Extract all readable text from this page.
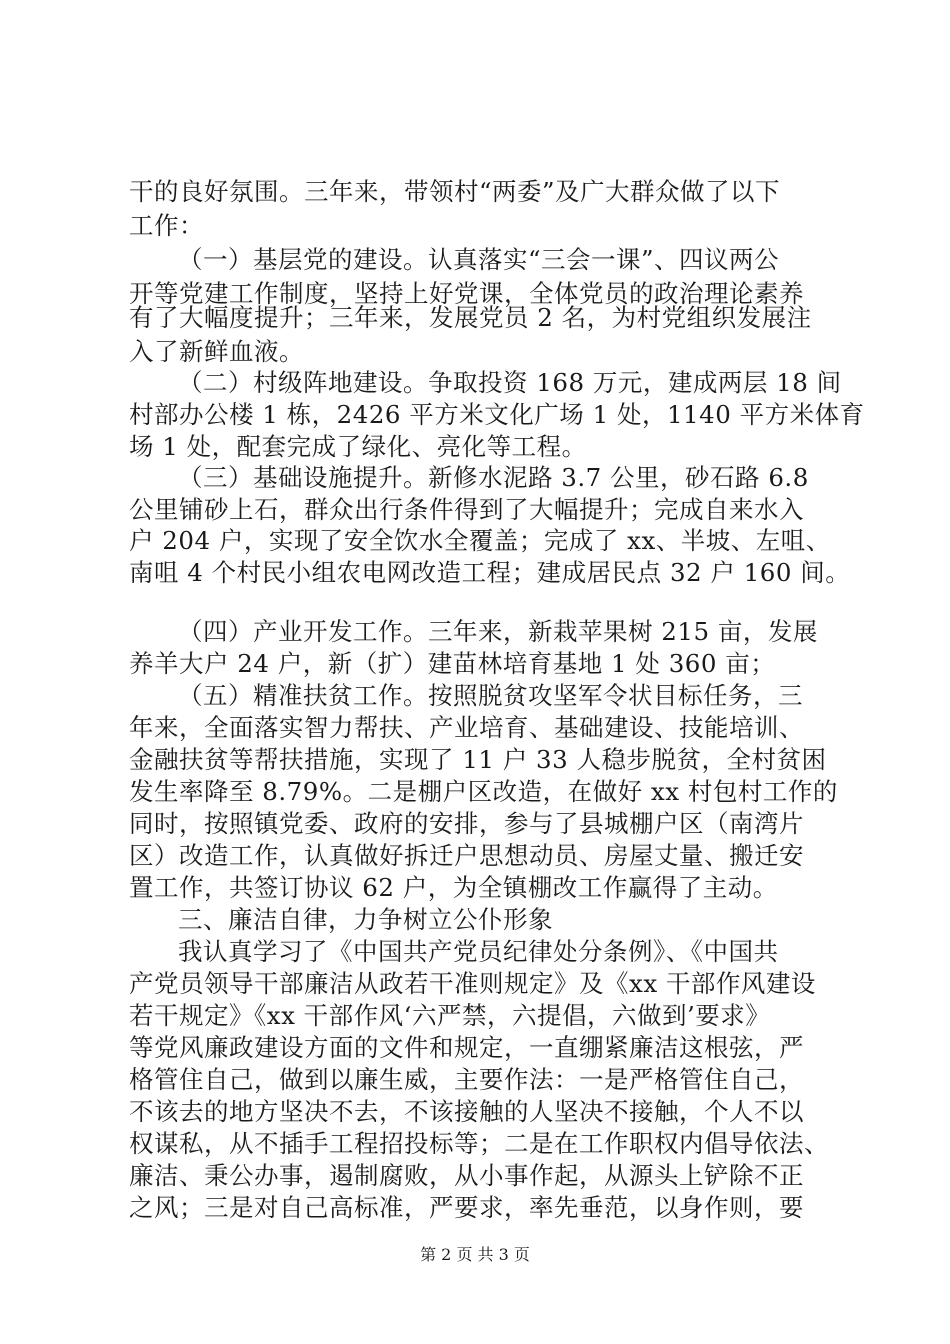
干的良好氛围。三年来，带领村“两委”及广大群众做了以下
工作：
（一）基层党的建设。认真落实“三会一课”、四议两公
开等党建工作制度，坚持上好党课，全体党员的政治理论素养
有了大幅度提升；三年来，发展党员 2 名，为村党组织发展注
入了新鲜血液。
（二）村级阵地建设。争取投资 168 万元，建成两层 18 间
村部办公楼 1 栋，2426 平方米文化广场 1 处，1140 平方米体育
场 1 处，配套完成了绿化、亮化等工程。
（三）基础设施提升。新修水泥路 3.7 公里，砂石路 6.8
公里铺砂上石，群众出行条件得到了大幅提升；完成自来水入
户 204 户，实现了安全饮水全覆盖；完成了 xx、半坡、左咀、
南咀 4 个村民小组农电网改造工程；建成居民点 32 户 160 间。
（四）产业开发工作。三年来，新栽苹果树 215 亩，发展
养羊大户 24 户，新（扩）建苗林培育基地 1 处 360 亩；
（五）精准扶贫工作。按照脱贫攻坚军令状目标任务，三
年来，全面落实智力帮扶、产业培育、基础建设、技能培训、
金融扶贫等帮扶措施，实现了 11 户 33 人稳步脱贫，全村贫困
发生率降至 8.79%。二是棚户区改造，在做好 xx 村包村工作的
同时，按照镇党委、政府的安排，参与了县城棚户区（南湾片
区）改造工作，认真做好拆迁户思想动员、房屋丈量、搬迁安
置工作，共签订协议 62 户，为全镇棚改工作赢得了主动。
三、廉洁自律，力争树立公仆形象
我认真学习了《中国共产党员纪律处分条例》、《中国共
产党员领导干部廉洁从政若干准则规定》及《xx 干部作风建设
若干规定》《xx 干部作风‘六严禁，六提倡，六做到’要求》
等党风廉政建设方面的文件和规定，一直绷紧廉洁这根弦，严
格管住自己，做到以廉生威，主要作法：一是严格管住自己，
不该去的地方坚决不去，不该接触的人坚决不接触，个人不以
权谋私，从不插手工程招投标等；二是在工作职权内倡导依法、
廉洁、秉公办事，遏制腐败，从小事作起，从源头上铲除不正
之风；三是对自己高标准，严要求，率先垂范，以身作则，要
第 2 页 共 3 页
